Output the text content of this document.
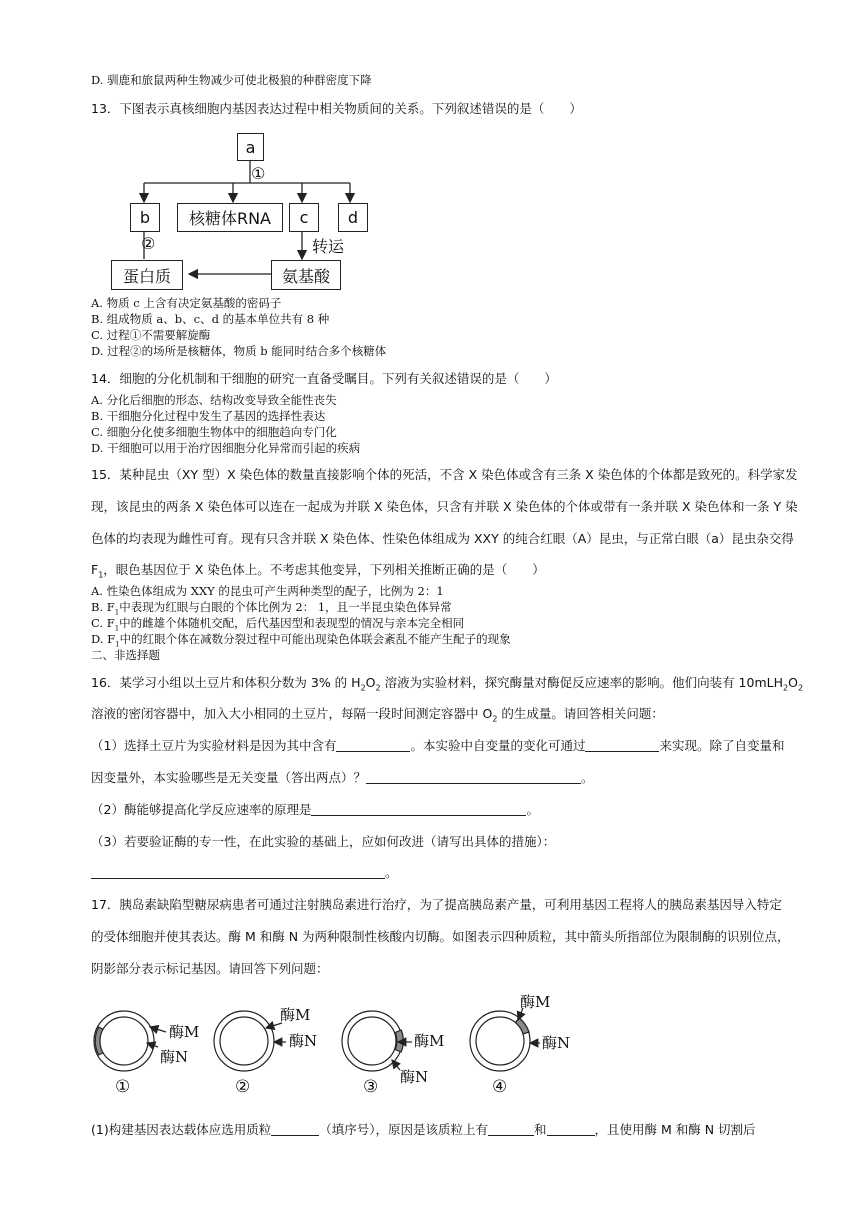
D. 驯鹿和旅鼠两种生物减少可使北极狼的种群密度下降
13．下图表示真核细胞内基因表达过程中相关物质间的关系。下列叙述错误的是（　　）
a
①
b	核糖体RNA	c	d
②	转运
蛋白质	氨基酸
A. 物质 c 上含有决定氨基酸的密码子
B. 组成物质 a、b、c、d 的基本单位共有 8 种
C. 过程①不需要解旋酶
D. 过程②的场所是核糖体，物质 b 能同时结合多个核糖体
14．细胞的分化机制和干细胞的研究一直备受瞩目。下列有关叙述错误的是（　　）
A. 分化后细胞的形态、结构改变导致全能性丧失
B. 干细胞分化过程中发生了基因的选择性表达
C. 细胞分化使多细胞生物体中的细胞趋向专门化
D. 干细胞可以用于治疗因细胞分化异常而引起的疾病
15．某种昆虫（XY 型）X 染色体的数量直接影响个体的死活，不含 X 染色体或含有三条 X 染色体的个体都是致死的。科学家发
现，该昆虫的两条 X 染色体可以连在一起成为并联 X 染色体，只含有并联 X 染色体的个体或带有一条并联 X 染色体和一条 Y 染
色体的均表现为雌性可育。现有只含并联 X 染色体、性染色体组成为 XXY 的纯合红眼（A）昆虫，与正常白眼（a）昆虫杂交得
$F_1$，眼色基因位于 X 染色体上。不考虑其他变异，下列相关推断正确的是（　　）
A. 性染色体组成为 XXY 的昆虫可产生两种类型的配子，比例为 2：1
B. $F_1$中表现为红眼与白眼的个体比例为 2： 1，且一半昆虫染色体异常
C. $F_1$中的雌雄个体随机交配，后代基因型和表现型的情况与亲本完全相同
D. $F_1$中的红眼个体在减数分裂过程中可能出现染色体联会紊乱不能产生配子的现象
二、非选择题
16．某学习小组以土豆片和体积分数为 3% 的 $H_2O_2$ 溶液为实验材料，探究酶量对酶促反应速率的影响。他们向装有 $10mLH_2O_2$
溶液的密闭容器中，加入大小相同的土豆片，每隔一段时间测定容器中 $O_2$ 的生成量。请回答相关问题：
（1）选择土豆片为实验材料是因为其中含有	。本实验中自变量的变化可通过	来实现。除了自变量和
因变量外，本实验哪些是无关变量（答出两点）？	。
（2）酶能够提高化学反应速率的原理是	。
（3）若要验证酶的专一性，在此实验的基础上，应如何改进（请写出具体的措施）：
。
17．胰岛素缺陷型糖尿病患者可通过注射胰岛素进行治疗，为了提高胰岛素产量，可利用基因工程将人的胰岛素基因导入特定
的受体细胞并使其表达。酶 M 和酶 N 为两种限制性核酸内切酶。如图表示四种质粒，其中箭头所指部位为限制酶的识别位点，
阴影部分表示标记基因。请回答下列问题：
酶M
酶N
酶M
酶N	酶M
酶N
酶M
酶N
①	②	③	④
(1)构建基因表达载体应选用质粒	（填序号），原因是该质粒上有	和	，且使用酶 M 和酶 N 切割后
